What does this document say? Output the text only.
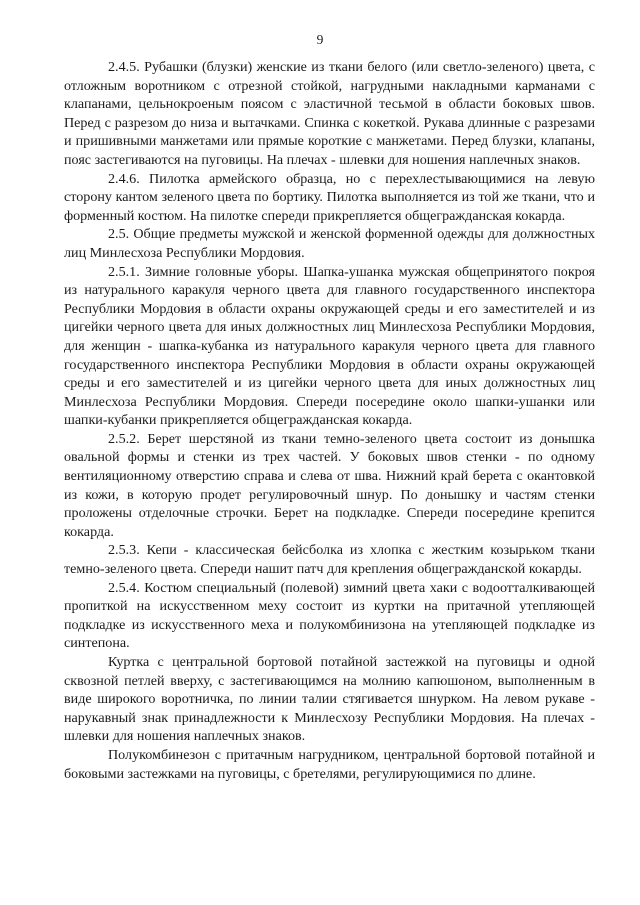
9

2.4.5. Рубашки (блузки) женские из ткани белого (или светло-зеленого) цвета, с отложным воротником с отрезной стойкой, нагрудными накладными карманами с клапанами, цельнокроеным поясом с эластичной тесьмой в области боковых швов. Перед с разрезом до низа и вытачками. Спинка с кокеткой. Рукава длинные с разрезами и пришивными манжетами или прямые короткие с манжетами. Перед блузки, клапаны, пояс застегиваются на пуговицы. На плечах - шлевки для ношения наплечных знаков.

2.4.6. Пилотка армейского образца, но с перехлестывающимися на левую сторону кантом зеленого цвета по бортику. Пилотка выполняется из той же ткани, что и форменный костюм. На пилотке спереди прикрепляется общегражданская кокарда.

2.5. Общие предметы мужской и женской форменной одежды для должностных лиц Минлесхоза Республики Мордовия.

2.5.1. Зимние головные уборы. Шапка-ушанка мужская общепринятого покроя из натурального каракуля черного цвета для главного государственного инспектора Республики Мордовия в области охраны окружающей среды и его заместителей и из цигейки черного цвета для иных должностных лиц Минлесхоза Республики Мордовия, для женщин - шапка-кубанка из натурального каракуля черного цвета для главного государственного инспектора Республики Мордовия в области охраны окружающей среды и его заместителей и из цигейки черного цвета для иных должностных лиц Минлесхоза Республики Мордовия. Спереди посередине около шапки-ушанки или шапки-кубанки прикрепляется общегражданская кокарда.

2.5.2. Берет шерстяной из ткани темно-зеленого цвета состоит из донышка овальной формы и стенки из трех частей. У боковых швов стенки - по одному вентиляционному отверстию справа и слева от шва. Нижний край берета с окантовкой из кожи, в которую продет регулировочный шнур. По донышку и частям стенки проложены отделочные строчки. Берет на подкладке. Спереди посередине крепится кокарда.

2.5.3. Кепи - классическая бейсболка из хлопка с жестким козырьком ткани темно-зеленого цвета. Спереди нашит патч для крепления общегражданской кокарды.

2.5.4. Костюм специальный (полевой) зимний цвета хаки с водоотталкивающей пропиткой на искусственном меху состоит из куртки на притачной утепляющей подкладке из искусственного меха и полукомбинизона на утепляющей подкладке из синтепона.

Куртка с центральной бортовой потайной застежкой на пуговицы и одной сквозной петлей вверху, с застегивающимся на молнию капюшоном, выполненным в виде широкого воротничка, по линии талии стягивается шнурком. На левом рукаве - нарукавный знак принадлежности к Минлесхозу Республики Мордовия. На плечах - шлевки для ношения наплечных знаков.

Полукомбинезон с притачным нагрудником, центральной бортовой потайной и боковыми застежками на пуговицы, с бретелями, регулирующимися по длине.
